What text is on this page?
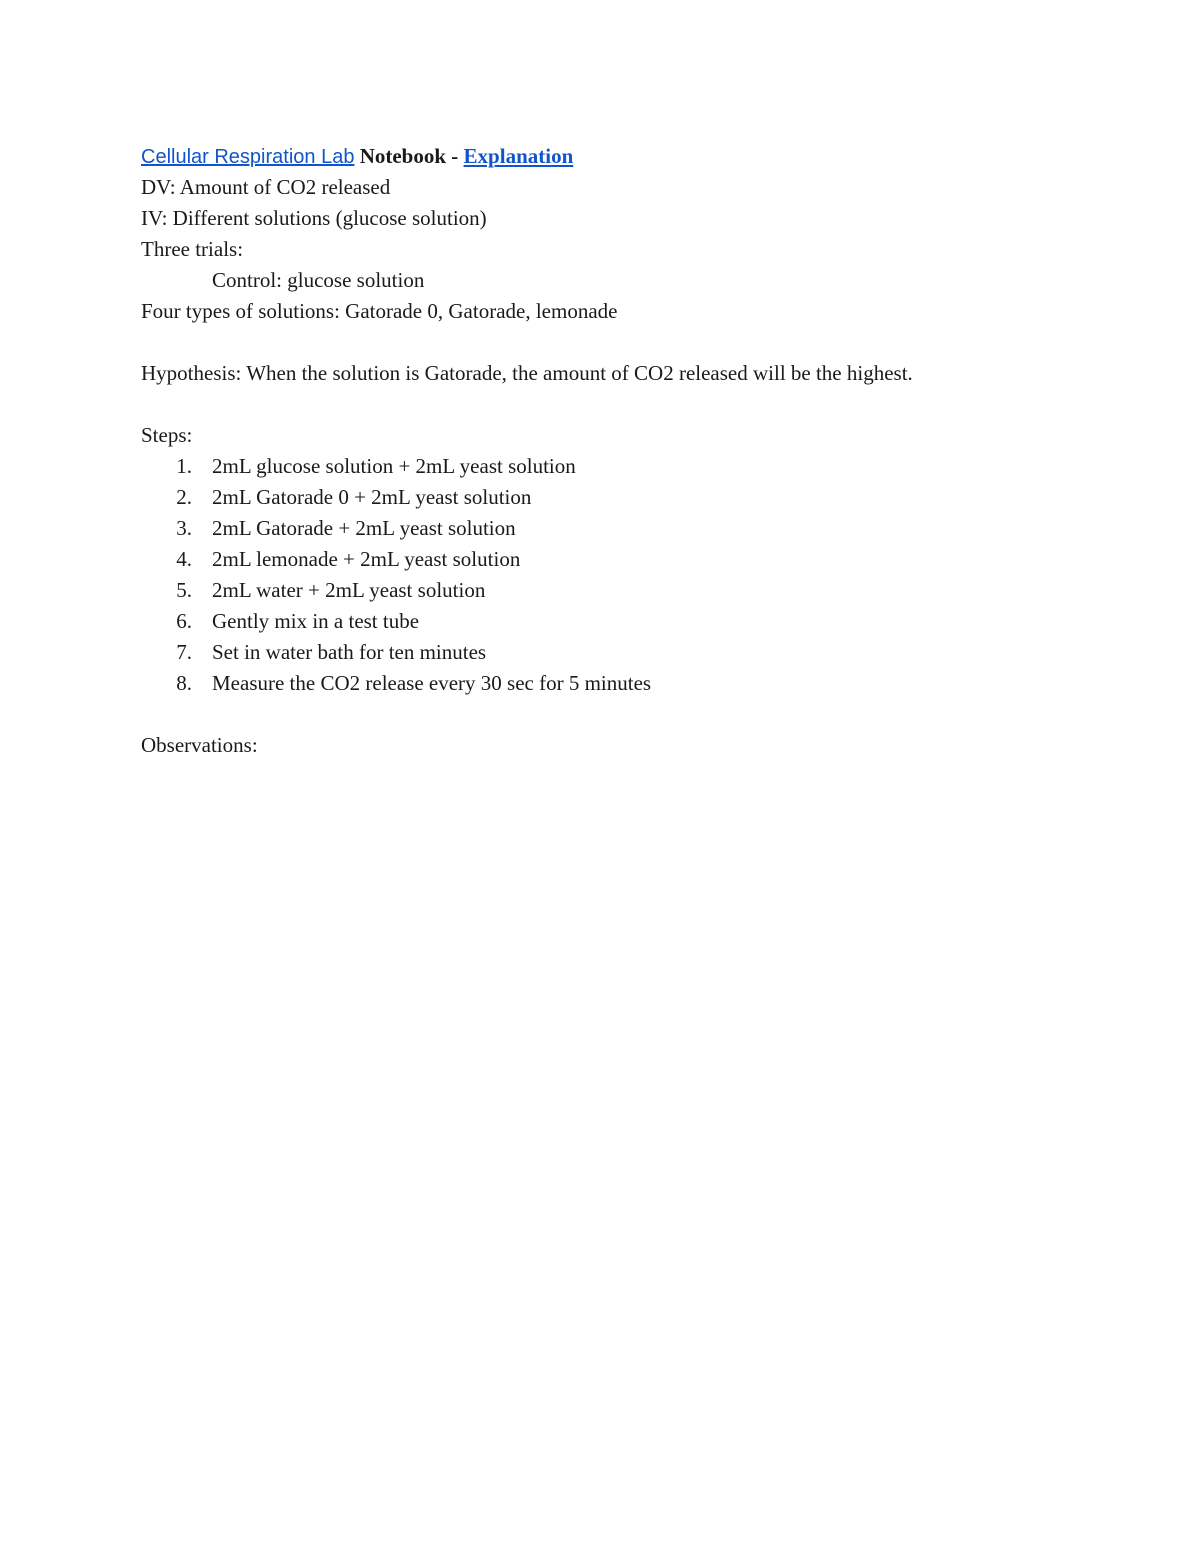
Cellular Respiration Lab Notebook - Explanation
DV: Amount of CO2 released
IV: Different solutions (glucose solution)
Three trials:
Control: glucose solution
Four types of solutions: Gatorade 0, Gatorade, lemonade
Hypothesis: When the solution is Gatorade, the amount of CO2 released will be the highest.
Steps:
1. 2mL glucose solution + 2mL yeast solution
2. 2mL Gatorade 0 + 2mL yeast solution
3. 2mL Gatorade + 2mL yeast solution
4. 2mL lemonade + 2mL yeast solution
5. 2mL water + 2mL yeast solution
6. Gently mix in a test tube
7. Set in water bath for ten minutes
8. Measure the CO2 release every 30 sec for 5 minutes
Observations:
